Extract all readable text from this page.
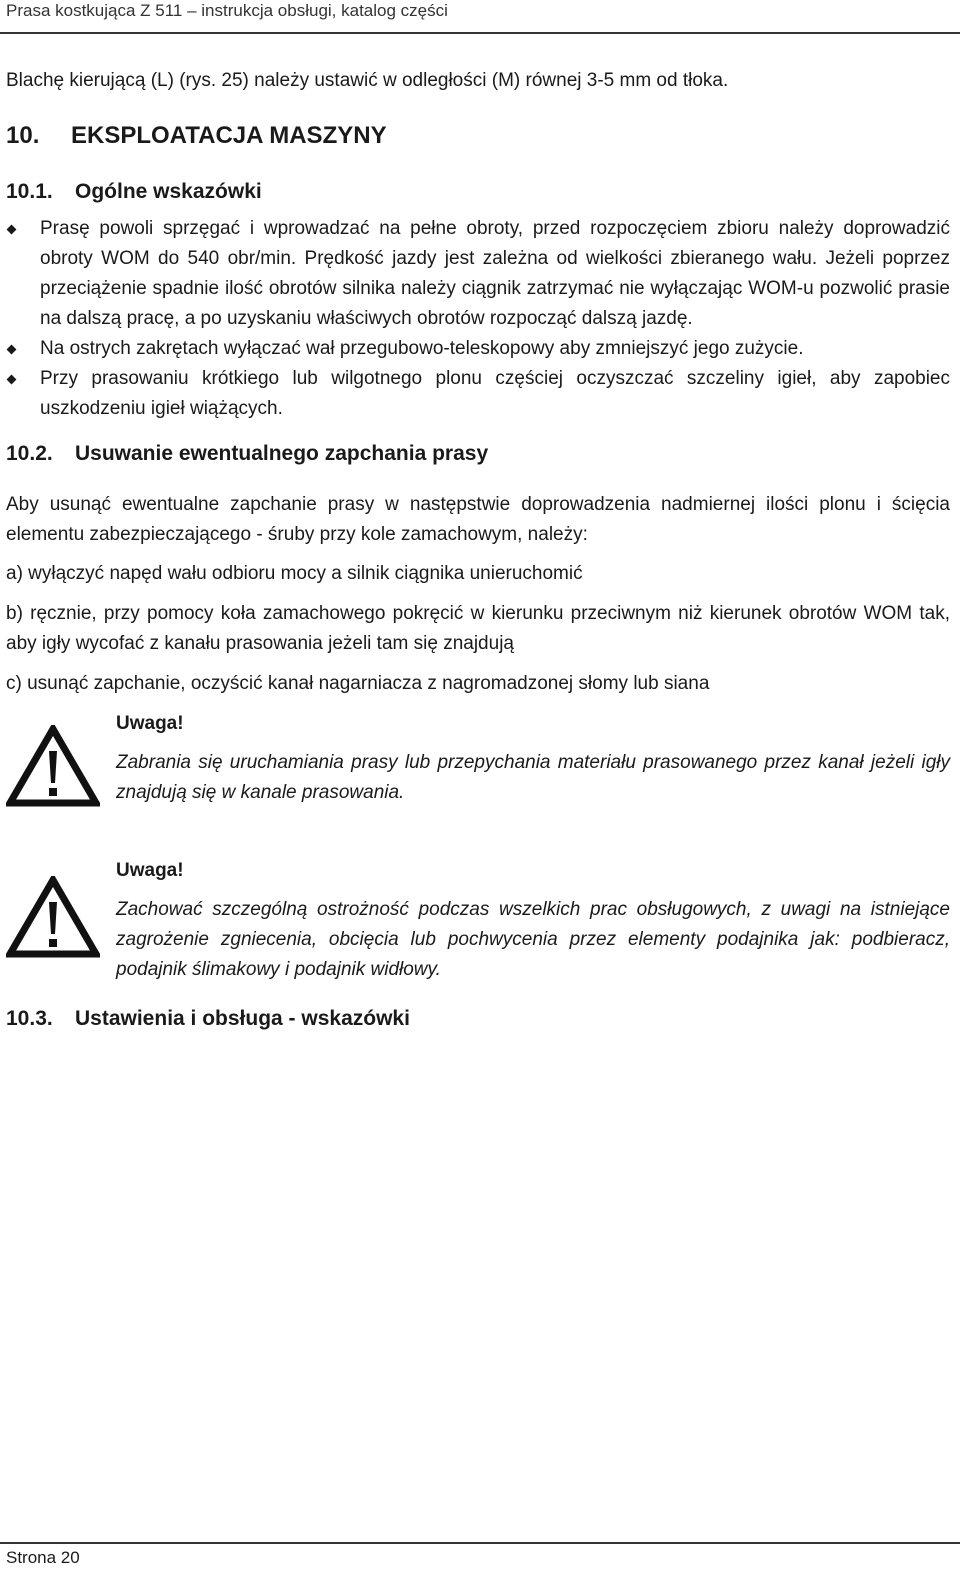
Prasa kostkująca Z 511 – instrukcja obsługi, katalog części

Blachę kierującą (L) (rys. 25) należy ustawić w odległości (M) równej 3-5 mm od tłoka.

10. EKSPLOATACJA MASZYNY
10.1. Ogólne wskazówki

Prasę powoli sprzęgać i wprowadzać na pełne obroty, przed rozpoczęciem zbioru należy doprowadzić obroty WOM do 540 obr/min. Prędkość jazdy jest zależna od wielkości zbieranego wału. Jeżeli poprzez przeciążenie spadnie ilość obrotów silnika należy ciągnik zatrzymać nie wyłączając WOM-u pozwolić prasie na dalszą pracę, a po uzyskaniu właściwych obrotów rozpocząć dalszą jazdę.

Na ostrych zakrętach wyłączać wał przegubowo-teleskopowy aby zmniejszyć jego zużycie.

Przy prasowaniu krótkiego lub wilgotnego plonu częściej oczyszczać szczeliny igieł, aby zapobiec uszkodzeniu igieł wiążących.

10.2. Usuwanie ewentualnego zapchania prasy

Aby usunąć ewentualne zapchanie prasy w następstwie doprowadzenia nadmiernej ilości plonu i ścięcia elementu zabezpieczającego - śruby przy kole zamachowym, należy:

a) wyłączyć napęd wału odbioru mocy a silnik ciągnika unieruchomić

b) ręcznie, przy pomocy koła zamachowego pokręcić w kierunku przeciwnym niż kierunek obrotów WOM tak, aby igły wycofać z kanału prasowania jeżeli tam się znajdują

c) usunąć zapchanie, oczyścić kanał nagarniacza z nagromadzonej słomy lub siana

Uwaga!

Zabrania się uruchamiania prasy lub przepychania materiału prasowanego przez kanał jeżeli igły znajdują się w kanale prasowania.

Uwaga!

Zachować szczególną ostrożność podczas wszelkich prac obsługowych, z uwagi na istniejące zagrożenie zgniecenia, obcięcia lub pochwycenia przez elementy podajnika jak: podbieracz, podajnik ślimakowy i podajnik widłowy.

10.3. Ustawienia i obsługa - wskazówki
Strona 20
